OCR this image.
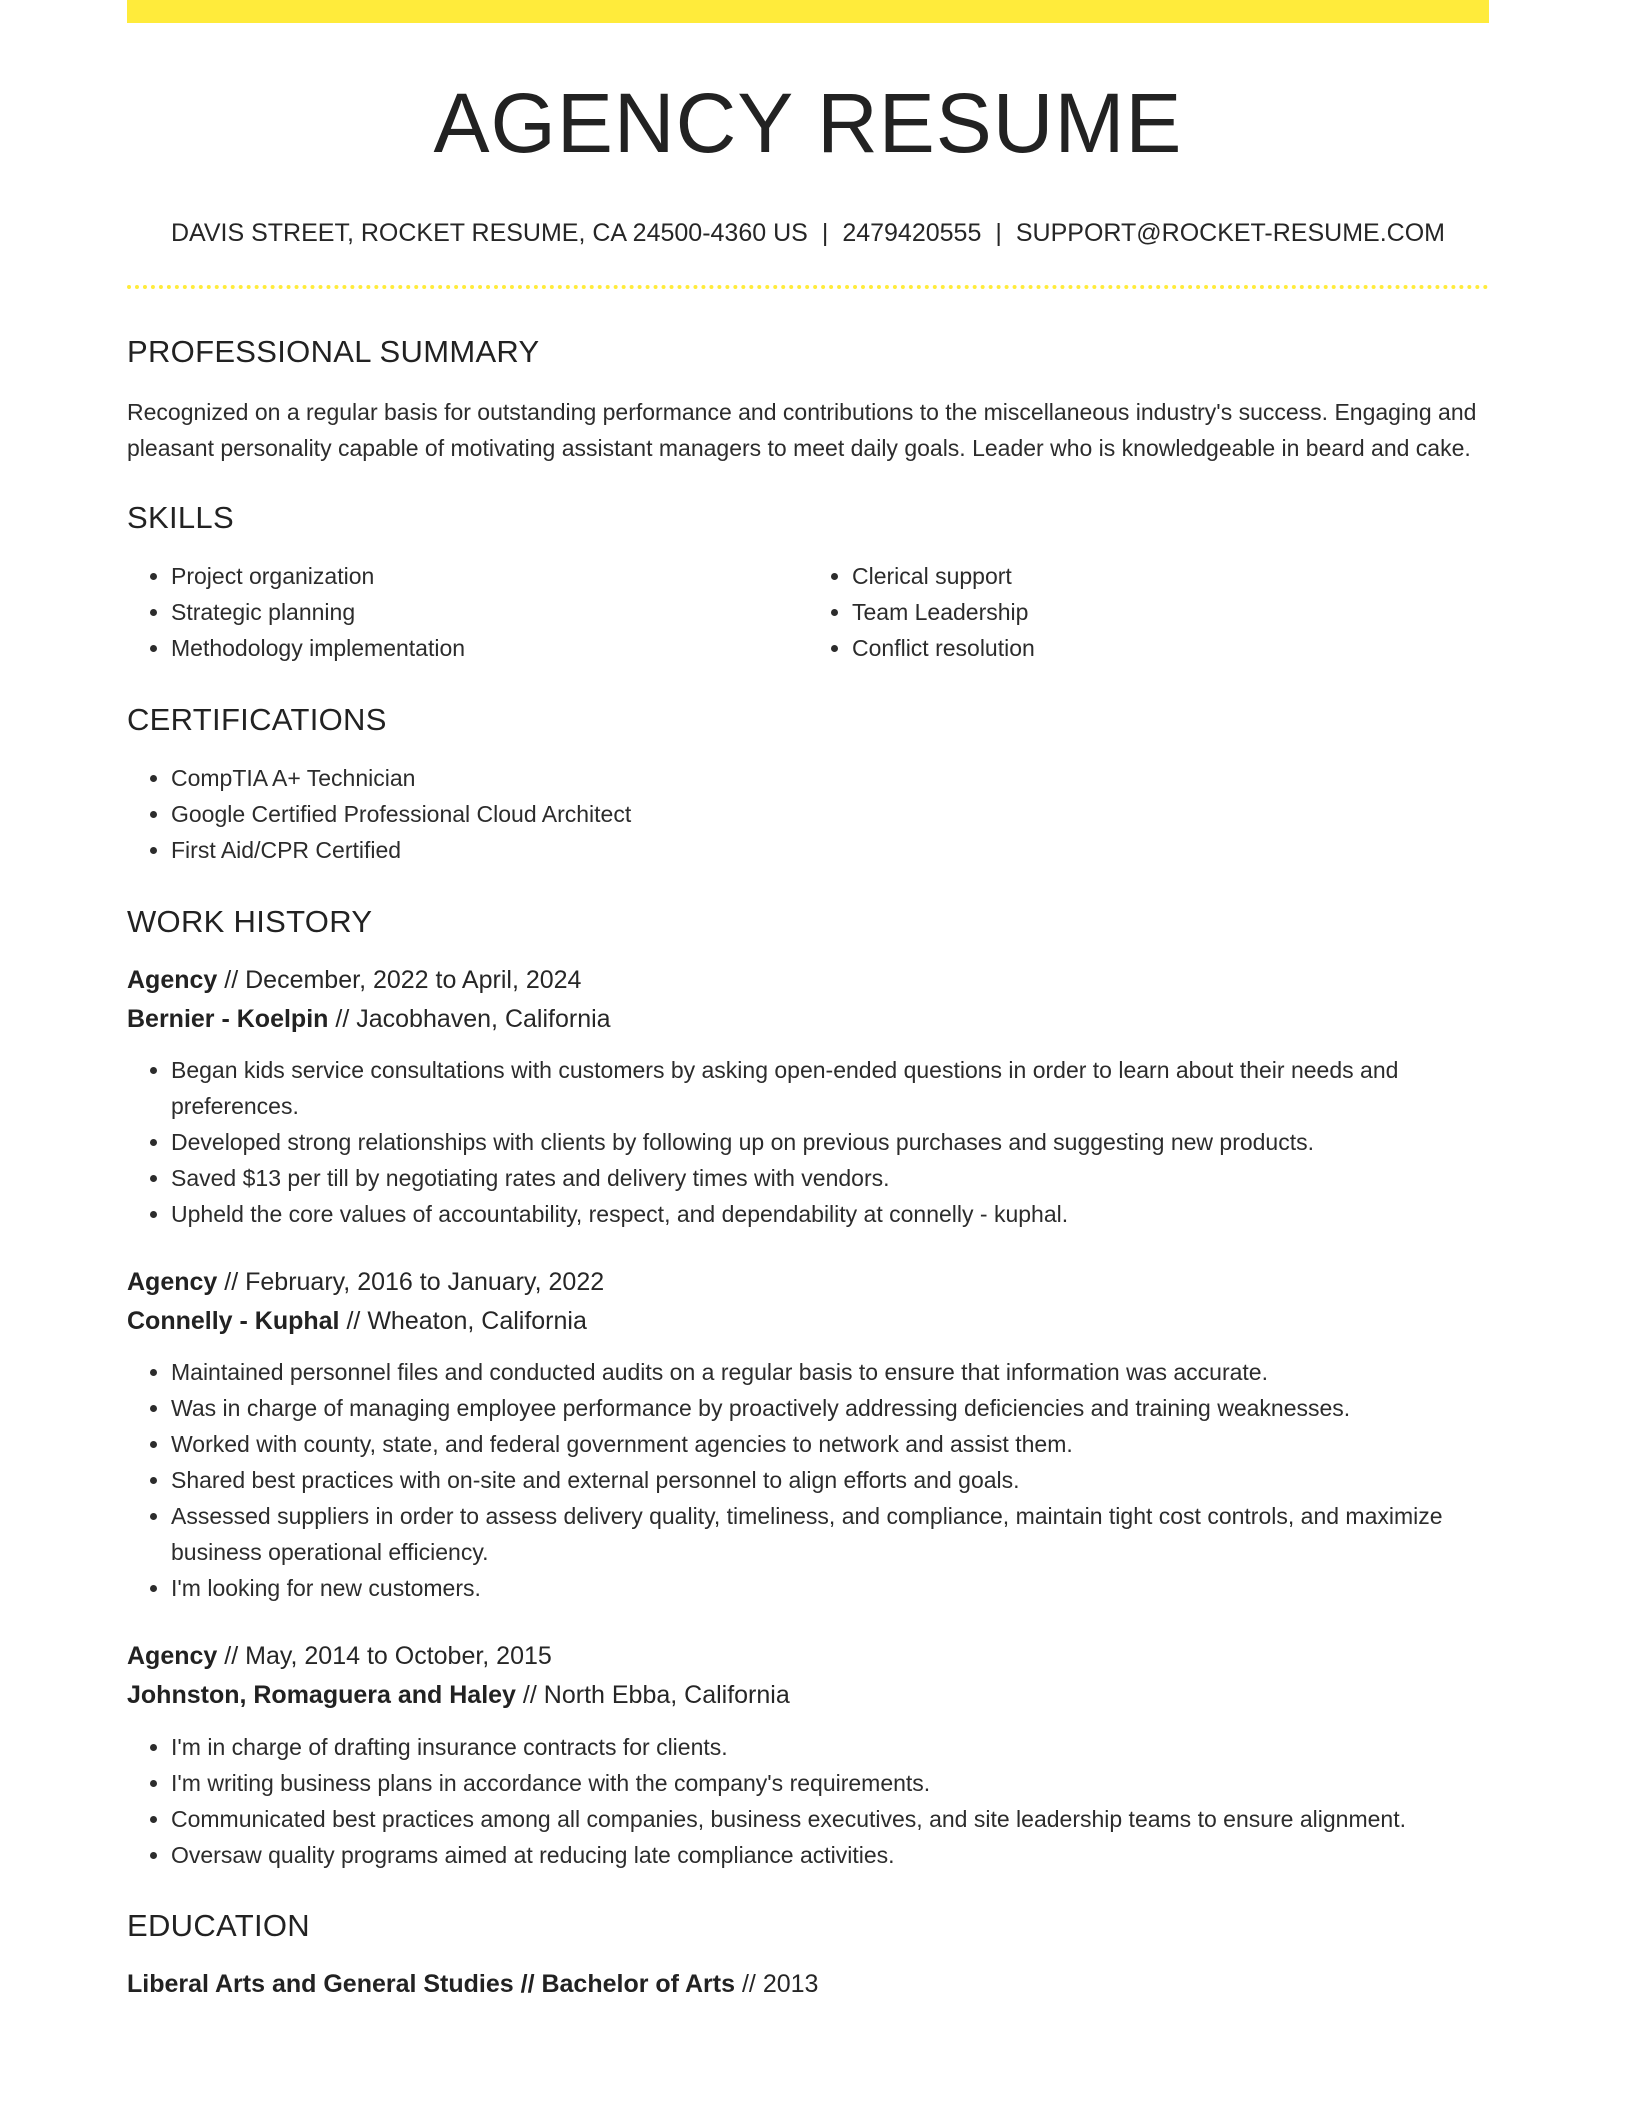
AGENCY RESUME
DAVIS STREET, ROCKET RESUME, CA 24500-4360 US | 2479420555 | SUPPORT@ROCKET-RESUME.COM
PROFESSIONAL SUMMARY

Recognized on a regular basis for outstanding performance and contributions to the miscellaneous industry's success. Engaging and pleasant personality capable of motivating assistant managers to meet daily goals. Leader who is knowledgeable in beard and cake.

SKILLS
• Project organization
• Strategic planning
• Methodology implementation
• Clerical support
• Team Leadership
• Conflict resolution
CERTIFICATIONS
• CompTIA A+ Technician
• Google Certified Professional Cloud Architect
• First Aid/CPR Certified
WORK HISTORY
Agency // December, 2022 to April, 2024
Bernier - Koelpin // Jacobhaven, California
• Began kids service consultations with customers by asking open-ended questions in order to learn about their needs and preferences.
• Developed strong relationships with clients by following up on previous purchases and suggesting new products.
• Saved $13 per till by negotiating rates and delivery times with vendors.
• Upheld the core values of accountability, respect, and dependability at connelly - kuphal.
Agency // February, 2016 to January, 2022
Connelly - Kuphal // Wheaton, California
• Maintained personnel files and conducted audits on a regular basis to ensure that information was accurate.
• Was in charge of managing employee performance by proactively addressing deficiencies and training weaknesses.
• Worked with county, state, and federal government agencies to network and assist them.
• Shared best practices with on-site and external personnel to align efforts and goals.
• Assessed suppliers in order to assess delivery quality, timeliness, and compliance, maintain tight cost controls, and maximize business operational efficiency.
• I'm looking for new customers.
Agency // May, 2014 to October, 2015
Johnston, Romaguera and Haley // North Ebba, California
• I'm in charge of drafting insurance contracts for clients.
• I'm writing business plans in accordance with the company's requirements.
• Communicated best practices among all companies, business executives, and site leadership teams to ensure alignment.
• Oversaw quality programs aimed at reducing late compliance activities.
EDUCATION
Liberal Arts and General Studies // Bachelor of Arts // 2013
